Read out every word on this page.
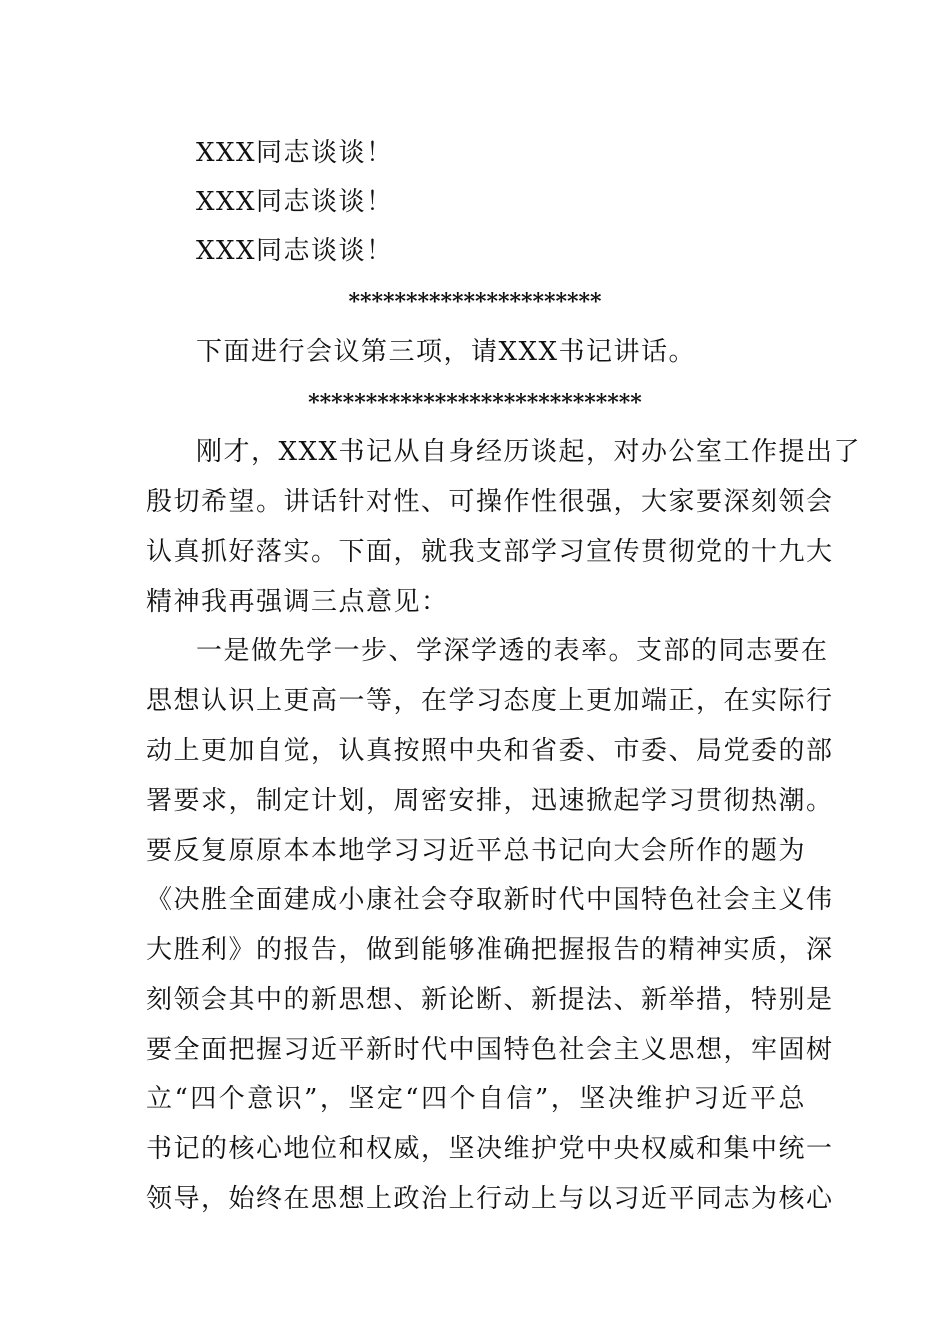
XXX同志谈谈！
XXX同志谈谈！
XXX同志谈谈！
**********************
下面进行会议第三项，请XXX书记讲话。
*****************************
刚才，XXX书记从自身经历谈起，对办公室工作提出了
殷切希望。讲话针对性、可操作性很强，大家要深刻领会
认真抓好落实。下面，就我支部学习宣传贯彻党的十九大
精神我再强调三点意见：
一是做先学一步、学深学透的表率。支部的同志要在
思想认识上更高一等，在学习态度上更加端正，在实际行
动上更加自觉，认真按照中央和省委、市委、局党委的部
署要求，制定计划，周密安排，迅速掀起学习贯彻热潮。
要反复原原本本地学习习近平总书记向大会所作的题为
《决胜全面建成小康社会夺取新时代中国特色社会主义伟
大胜利》的报告，做到能够准确把握报告的精神实质，深
刻领会其中的新思想、新论断、新提法、新举措，特别是
要全面把握习近平新时代中国特色社会主义思想，牢固树
立“四个意识”，坚定“四个自信”，坚决维护习近平总
书记的核心地位和权威，坚决维护党中央权威和集中统一
领导，始终在思想上政治上行动上与以习近平同志为核心
